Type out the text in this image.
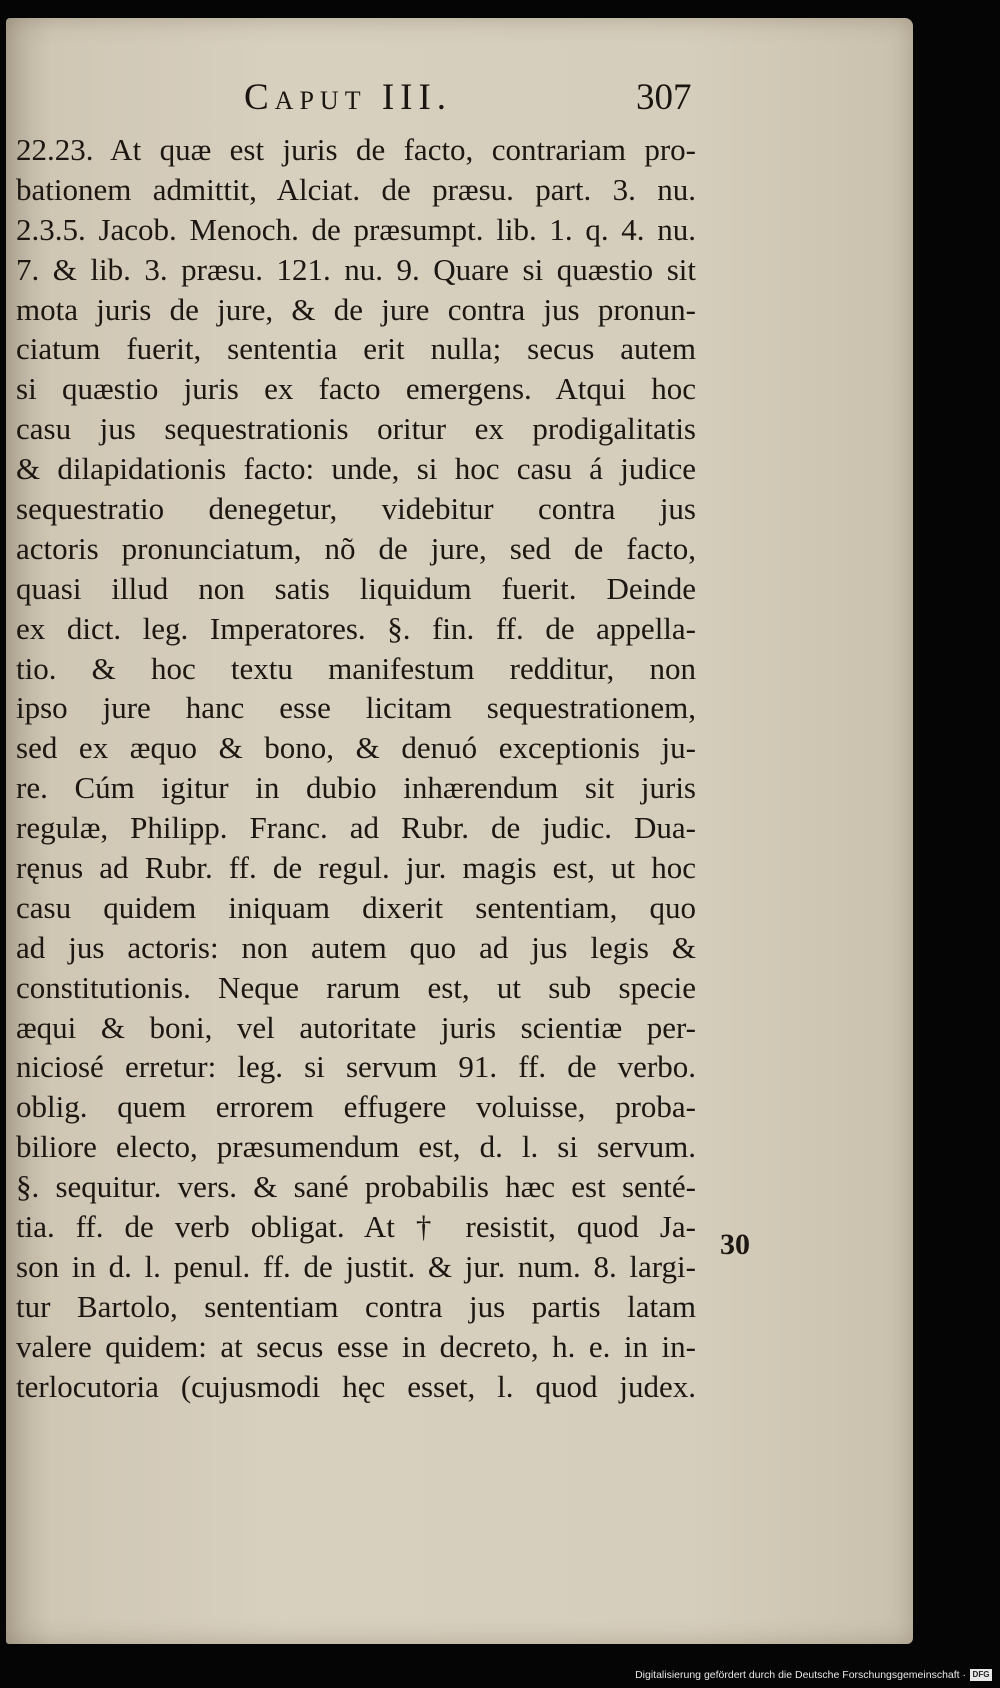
Caput III.	307
22.23. At quæ est juris de facto, contrariam pro-
bationem admittit, Alciat. de præsu. part. 3. nu.
2.3.5. Jacob. Menoch. de præsumpt. lib. 1. q. 4. nu.
7. & lib. 3. præsu. 121. nu. 9. Quare si quæstio sit
mota juris de jure, & de jure contra jus pronun-
ciatum fuerit, sententia erit nulla; secus autem
si quæstio juris ex facto emergens. Atqui hoc
casu jus sequestrationis oritur ex prodigalitatis
& dilapidationis facto: unde, si hoc casu á judice
sequestratio denegetur, videbitur contra jus
actoris pronunciatum, nõ de jure, sed de facto,
quasi illud non satis liquidum fuerit. Deinde
ex dict. leg. Imperatores. §. fin. ff. de appella-
tio. & hoc textu manifestum redditur, non
ipso jure hanc esse licitam sequestrationem,
sed ex æquo & bono, & denuó exceptionis ju-
re. Cúm igitur in dubio inhærendum sit juris
regulæ, Philipp. Franc. ad Rubr. de judic. Dua-
ręnus ad Rubr. ff. de regul. jur. magis est, ut hoc
casu quidem iniquam dixerit sententiam, quo
ad jus actoris: non autem quo ad jus legis &
constitutionis. Neque rarum est, ut sub specie
æqui & boni, vel autoritate juris scientiæ per-
niciosé erretur: leg. si servum 91. ff. de verbo.
oblig. quem errorem effugere voluisse, proba-
biliore electo, præsumendum est, d. l. si servum.
§. sequitur. vers. & sané probabilis hæc est senté-
tia. ff. de verb obligat. At † resistit, quod Ja-
son in d. l. penul. ff. de justit. & jur. num. 8. largi-
tur Bartolo, sententiam contra jus partis latam
valere quidem: at secus esse in decreto, h. e. in in-
terlocutoria (cujusmodi hęc esset, l. quod judex.
30
Digitalisierung gefördert durch die Deutsche Forschungsgemeinschaft · DFG
